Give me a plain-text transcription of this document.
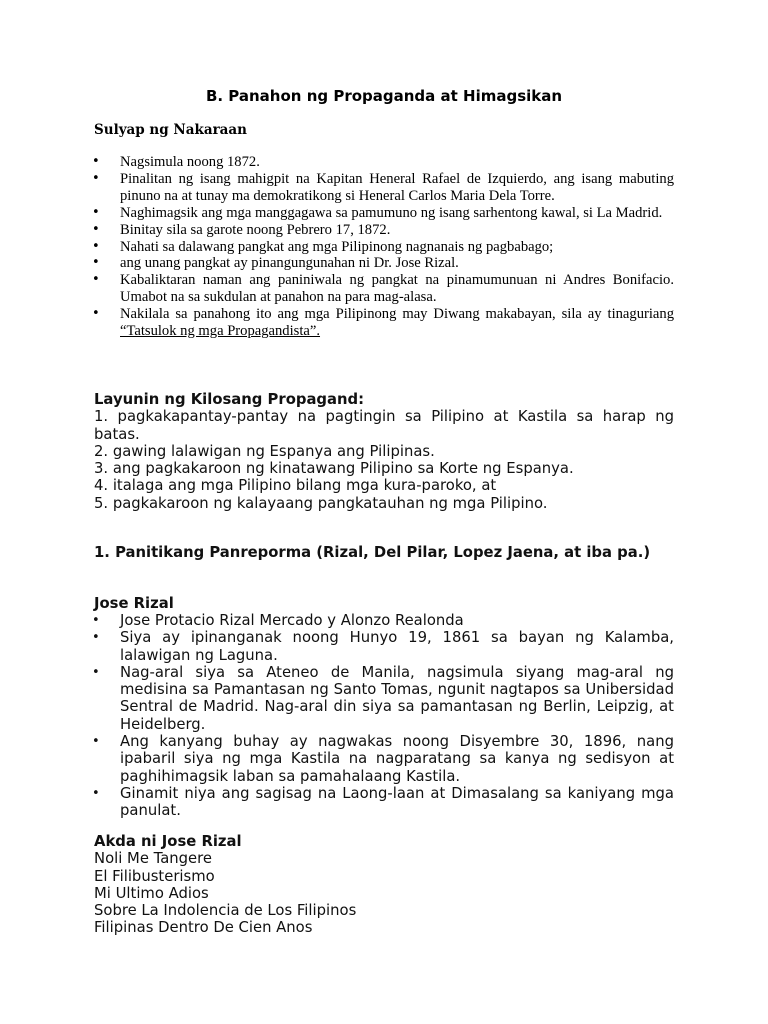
B. Panahon ng Propaganda at Himagsikan
Sulyap ng Nakaraan
• Nagsimula noong 1872.
• Pinalitan ng isang mahigpit na Kapitan Heneral Rafael de Izquierdo, ang isang mabuting pinuno na at tunay ma demokratikong si Heneral Carlos Maria Dela Torre.
• Naghimagsik ang mga manggagawa sa pamumuno ng isang sarhentong kawal, si La Madrid.
• Binitay sila sa garote noong Pebrero 17, 1872.
• Nahati sa dalawang pangkat ang mga Pilipinong nagnanais ng pagbabago;
• ang unang pangkat ay pinangungunahan ni Dr. Jose Rizal.
• Kabaliktaran naman ang paniniwala ng pangkat na pinamumunuan ni Andres Bonifacio. Umabot na sa sukdulan at panahon na para mag-alasa.
• Nakilala sa panahong ito ang mga Pilipinong may Diwang makabayan, sila ay tinaguriang “Tatsulok ng mga Propagandista”.
Layunin ng Kilosang Propagand:
1. pagkakapantay-pantay na pagtingin sa Pilipino at Kastila sa harap ng batas.
2. gawing lalawigan ng Espanya ang Pilipinas.
3. ang pagkakaroon ng kinatawang Pilipino sa Korte ng Espanya.
4. italaga ang mga Pilipino bilang mga kura-paroko, at
5. pagkakaroon ng kalayaang pangkatauhan ng mga Pilipino.
1. Panitikang Panreporma (Rizal, Del Pilar, Lopez Jaena, at iba pa.)
Jose Rizal
• Jose Protacio Rizal Mercado y Alonzo Realonda
• Siya ay ipinanganak noong Hunyo 19, 1861 sa bayan ng Kalamba, lalawigan ng Laguna.
• Nag-aral siya sa Ateneo de Manila, nagsimula siyang mag-aral ng medisina sa Pamantasan ng Santo Tomas, ngunit nagtapos sa Unibersidad Sentral de Madrid. Nag-aral din siya sa pamantasan ng Berlin, Leipzig, at Heidelberg.
• Ang kanyang buhay ay nagwakas noong Disyembre 30, 1896, nang ipabaril siya ng mga Kastila na nagparatang sa kanya ng sedisyon at paghihimagsik laban sa pamahalaang Kastila.
• Ginamit niya ang sagisag na Laong-laan at Dimasalang sa kaniyang mga panulat.
Akda ni Jose Rizal
Noli Me Tangere
El Filibusterismo
Mi Ultimo Adios
Sobre La Indolencia de Los Filipinos
Filipinas Dentro De Cien Anos
